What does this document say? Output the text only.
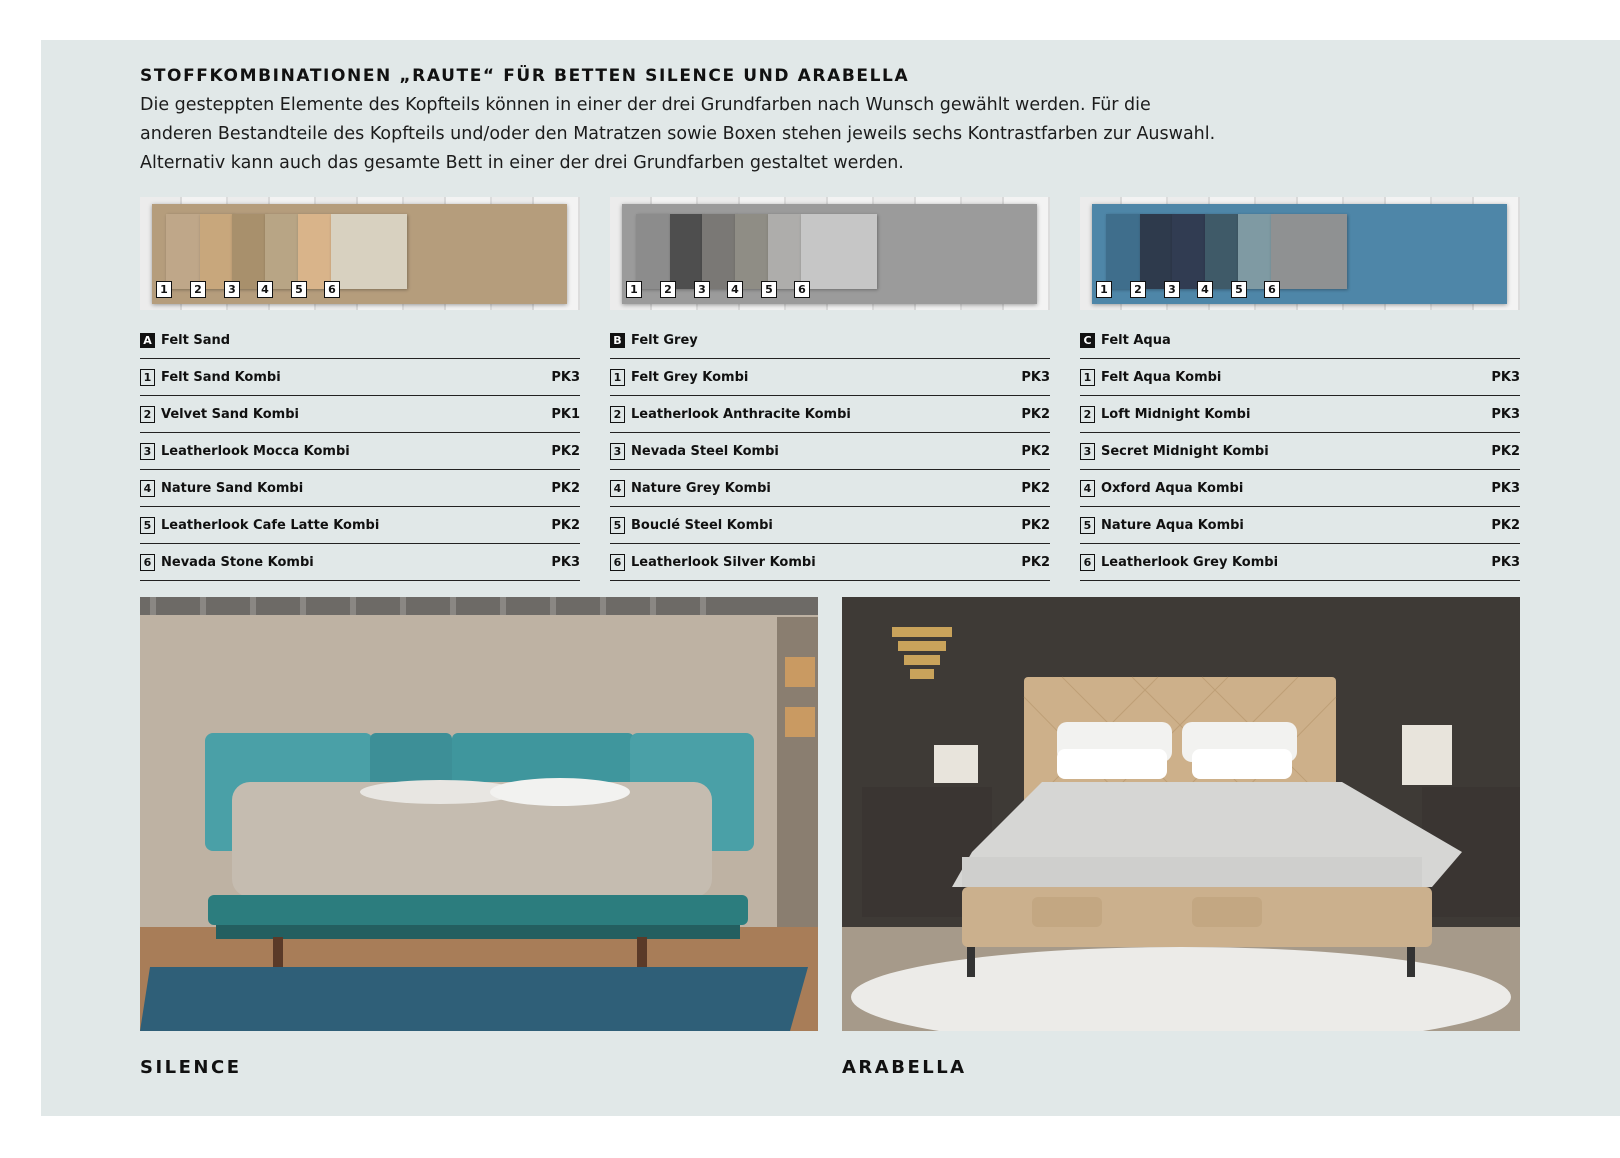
STOFFKOMBINATIONEN „RAUTE“ FÜR BETTEN SILENCE UND ARABELLA
Die gesteppten Elemente des Kopfteils können in einer der drei Grundfarben nach Wunsch gewählt werden. Für die
anderen Bestandteile des Kopfteils und/oder den Matratzen sowie Boxen stehen jeweils sechs Kontrastfarben zur Auswahl.
Alternativ kann auch das gesamte Bett in einer der drei Grundfarben gestaltet werden.
1	2	3	4	5	6
A Felt Sand
1 Felt Sand Kombi	PK3
2 Velvet Sand Kombi	PK1
3 Leatherlook Mocca Kombi	PK2
4 Nature Sand Kombi	PK2
5 Leatherlook Cafe Latte Kombi	PK2
6 Nevada Stone Kombi	PK3
1	2	3	4	5	6
B Felt Grey
1 Felt Grey Kombi	PK3
2 Leatherlook Anthracite Kombi	PK2
3 Nevada Steel Kombi	PK2
4 Nature Grey Kombi	PK2
5 Bouclé Steel Kombi	PK2
6 Leatherlook Silver Kombi	PK2
1	2	3	4	5	6
C Felt Aqua
1 Felt Aqua Kombi	PK3
2 Loft Midnight Kombi	PK3
3 Secret Midnight Kombi	PK2
4 Oxford Aqua Kombi	PK3
5 Nature Aqua Kombi	PK2
6 Leatherlook Grey Kombi	PK3
SILENCE	ARABELLA
